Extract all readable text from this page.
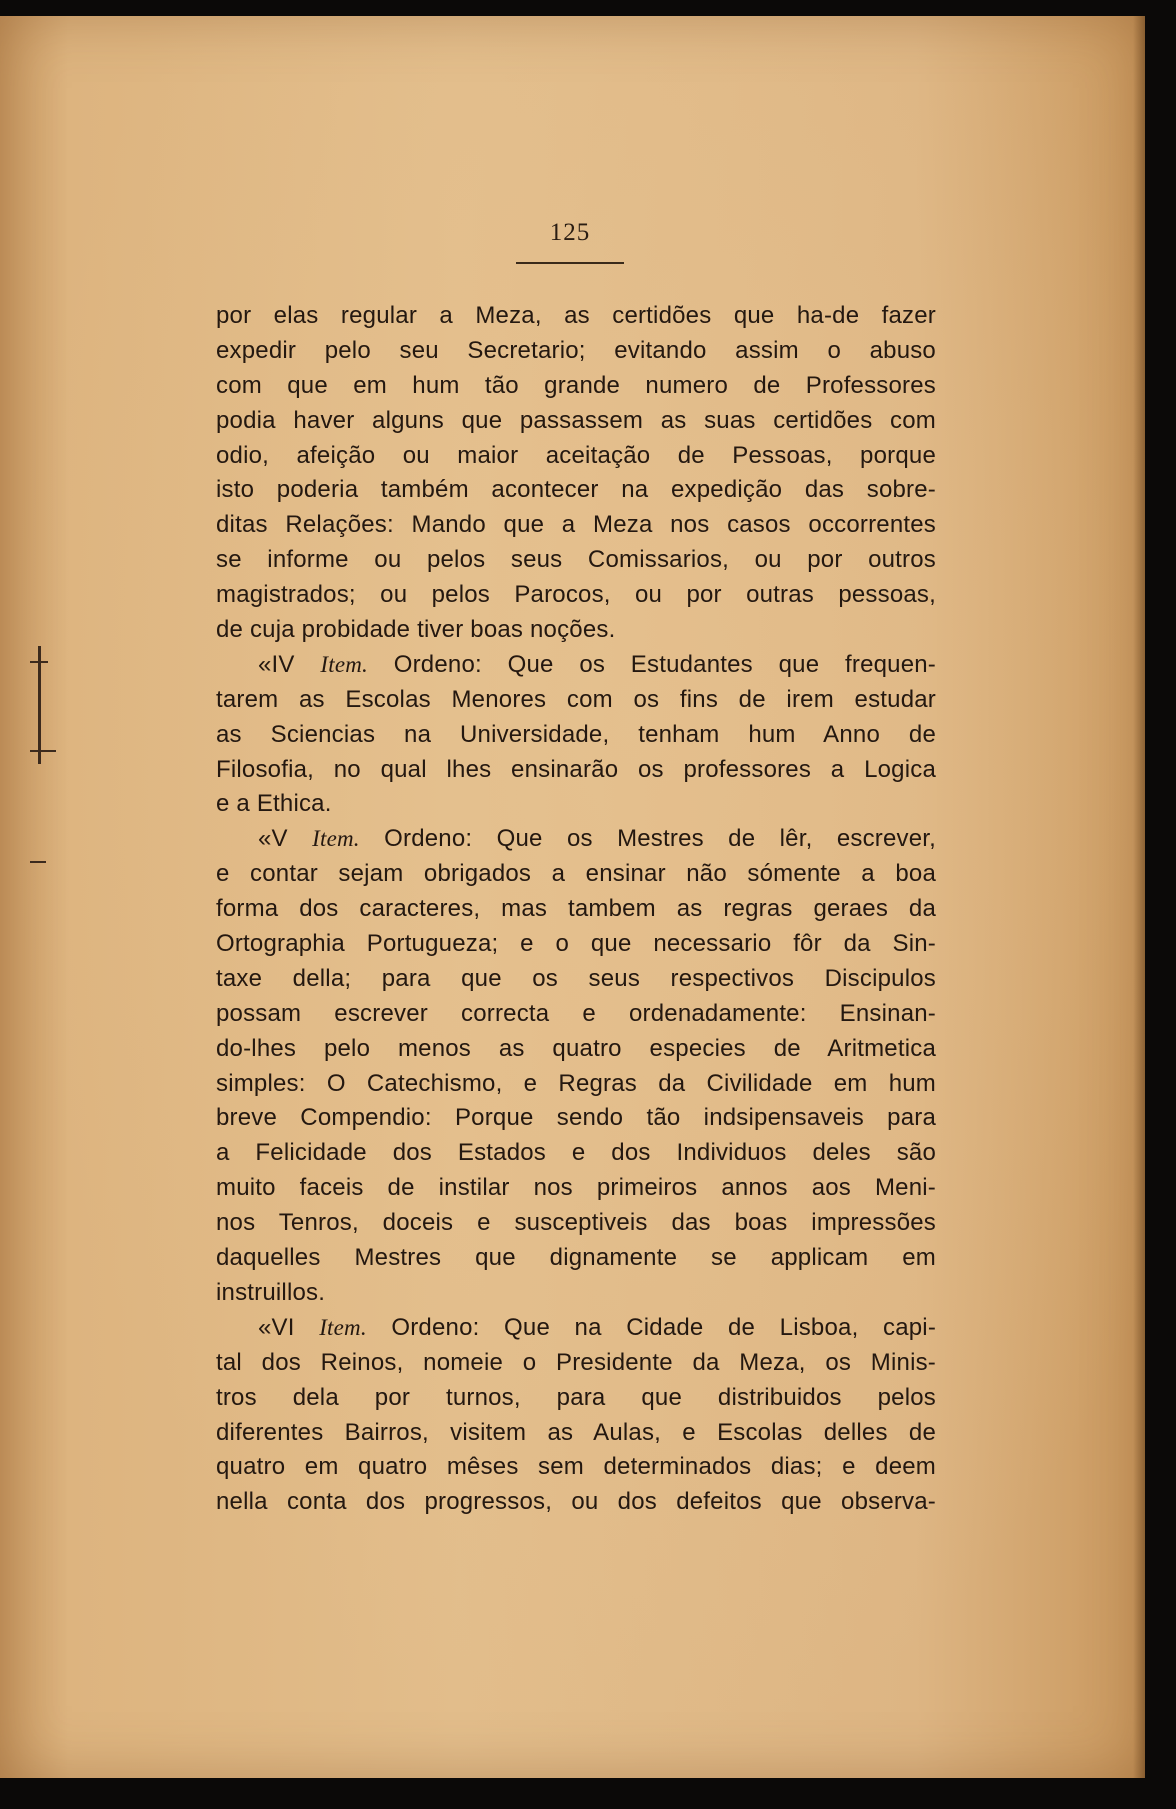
125
por elas regular a Meza, as certidões que ha-de fazer
expedir pelo seu Secretario; evitando assim o abuso
com que em hum tão grande numero de Professores
podia haver alguns que passassem as suas certidões com
odio, afeição ou maior aceitação de Pessoas, porque
isto poderia também acontecer na expedição das sobre-
ditas Relações: Mando que a Meza nos casos occorrentes
se informe ou pelos seus Comissarios, ou por outros
magistrados; ou pelos Parocos, ou por outras pessoas,
de cuja probidade tiver boas noções.
«IV Item. Ordeno: Que os Estudantes que frequen-
tarem as Escolas Menores com os fins de irem estudar
as Sciencias na Universidade, tenham hum Anno de
Filosofia, no qual lhes ensinarão os professores a Logica
e a Ethica.
«V Item. Ordeno: Que os Mestres de lêr, escrever,
e contar sejam obrigados a ensinar não sómente a boa
forma dos caracteres, mas tambem as regras geraes da
Ortographia Portugueza; e o que necessario fôr da Sin-
taxe della; para que os seus respectivos Discipulos
possam escrever correcta e ordenadamente: Ensinan-
do-lhes pelo menos as quatro especies de Aritmetica
simples: O Catechismo, e Regras da Civilidade em hum
breve Compendio: Porque sendo tão indsipensaveis para
a Felicidade dos Estados e dos Individuos deles são
muito faceis de instilar nos primeiros annos aos Meni-
nos Tenros, doceis e susceptiveis das boas impressões
daquelles Mestres que dignamente se applicam em
instruillos.
«VI Item. Ordeno: Que na Cidade de Lisboa, capi-
tal dos Reinos, nomeie o Presidente da Meza, os Minis-
tros dela por turnos, para que distribuidos pelos
diferentes Bairros, visitem as Aulas, e Escolas delles de
quatro em quatro mêses sem determinados dias; e deem
nella conta dos progressos, ou dos defeitos que observa-
